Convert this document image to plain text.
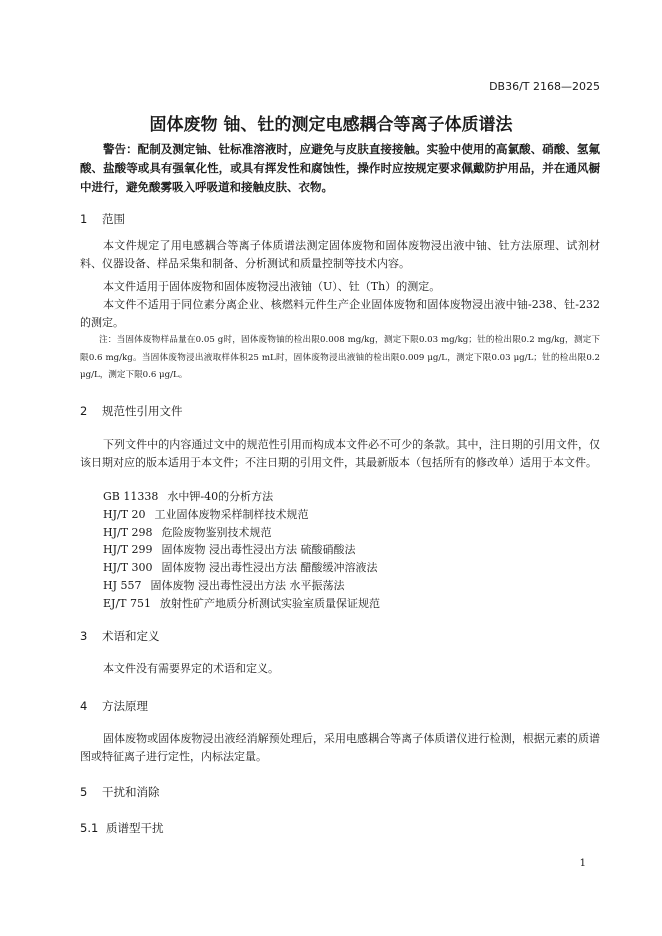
DB36/T 2168—2025
固体废物 铀、钍的测定电感耦合等离子体质谱法

警告：配制及测定铀、钍标准溶液时，应避免与皮肤直接接触。实验中使用的高氯酸、硝酸、氢氟酸、盐酸等或具有强氧化性，或具有挥发性和腐蚀性，操作时应按规定要求佩戴防护用品，并在通风橱中进行，避免酸雾吸入呼吸道和接触皮肤、衣物。

1 范围

本文件规定了用电感耦合等离子体质谱法测定固体废物和固体废物浸出液中铀、钍方法原理、试剂材料、仪器设备、样品采集和制备、分析测试和质量控制等技术内容。

本文件适用于固体废物和固体废物浸出液铀（U）、钍（Th）的测定。

本文件不适用于同位素分离企业、核燃料元件生产企业固体废物和固体废物浸出液中铀-238、钍-232的测定。

注：当固体废物样品量在0.05 g时，固体废物铀的检出限0.008 mg/kg，测定下限0.03 mg/kg；钍的检出限0.2 mg/kg，测定下限0.6 mg/kg。当固体废物浸出液取样体积25 mL时，固体废物浸出液铀的检出限0.009 μg/L，测定下限0.03 μg/L；钍的检出限0.2 μg/L，测定下限0.6 μg/L。

2 规范性引用文件

下列文件中的内容通过文中的规范性引用而构成本文件必不可少的条款。其中，注日期的引用文件，仅该日期对应的版本适用于本文件；不注日期的引用文件，其最新版本（包括所有的修改单）适用于本文件。

GB 11338 水中钾-40的分析方法
HJ/T 20 工业固体废物采样制样技术规范
HJ/T 298 危险废物鉴别技术规范
HJ/T 299 固体废物 浸出毒性浸出方法 硫酸硝酸法
HJ/T 300 固体废物 浸出毒性浸出方法 醋酸缓冲溶液法
HJ 557 固体废物 浸出毒性浸出方法 水平振荡法
EJ/T 751 放射性矿产地质分析测试实验室质量保证规范
3 术语和定义

本文件没有需要界定的术语和定义。

4 方法原理

固体废物或固体废物浸出液经消解预处理后，采用电感耦合等离子体质谱仪进行检测，根据元素的质谱图或特征离子进行定性，内标法定量。

5 干扰和消除
5.1 质谱型干扰
1
